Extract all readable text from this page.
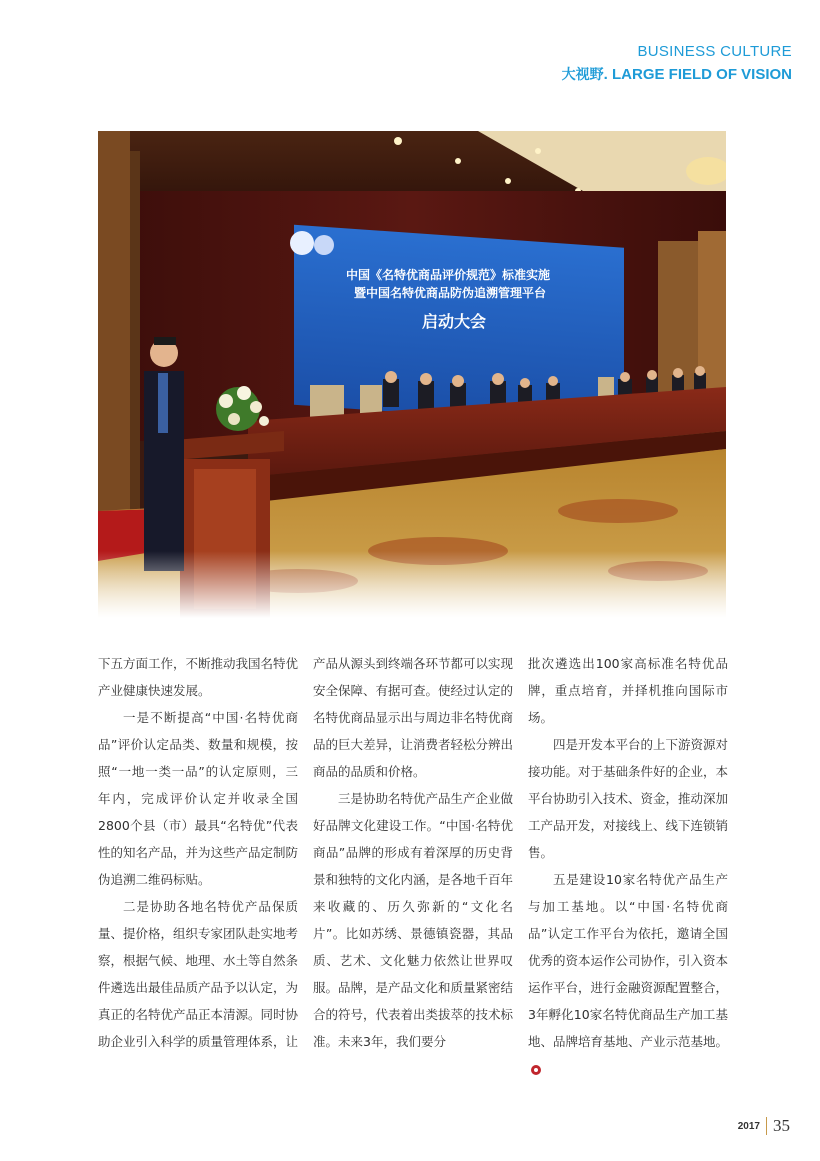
BUSINESS CULTURE
大视野. LARGE FIELD OF VISION
中国《名特优商品评价规范》标准实施
暨中国名特优商品防伪追溯管理平台
启动大会

下五方面工作，不断推动我国名特优产业健康快速发展。

一是不断提高“中国·名特优商品”评价认定品类、数量和规模，按照“一地一类一品”的认定原则，三年内，完成评价认定并收录全国2800个县（市）最具“名特优”代表性的知名产品，并为这些产品定制防伪追溯二维码标贴。

二是协助各地名特优产品保质量、提价格，组织专家团队赴实地考察，根据气候、地理、水土等自然条件遴选出最佳品质产品予以认定，为真正的名特优产品正本清源。同时协助企业引入科学的质量管理体系，让

产品从源头到终端各环节都可以实现安全保障、有据可查。使经过认定的名特优商品显示出与周边非名特优商品的巨大差异，让消费者轻松分辨出商品的品质和价格。

三是协助名特优产品生产企业做好品牌文化建设工作。“中国·名特优商品”品牌的形成有着深厚的历史背景和独特的文化内涵，是各地千百年来收藏的、历久弥新的“文化名片”。比如苏绣、景德镇瓷器，其品质、艺术、文化魅力依然让世界叹服。品牌，是产品文化和质量紧密结合的符号，代表着出类拔萃的技术标准。未来3年，我们要分

批次遴选出100家高标准名特优品牌，重点培育，并择机推向国际市场。

四是开发本平台的上下游资源对接功能。对于基础条件好的企业，本平台协助引入技术、资金，推动深加工产品开发，对接线上、线下连锁销售。

五是建设10家名特优产品生产与加工基地。以“中国·名特优商品”认定工作平台为依托，邀请全国优秀的资本运作公司协作，引入资本运作平台，进行金融资源配置整合，3年孵化10家名特优商品生产加工基地、品牌培育基地、产业示范基地。

2017 35
